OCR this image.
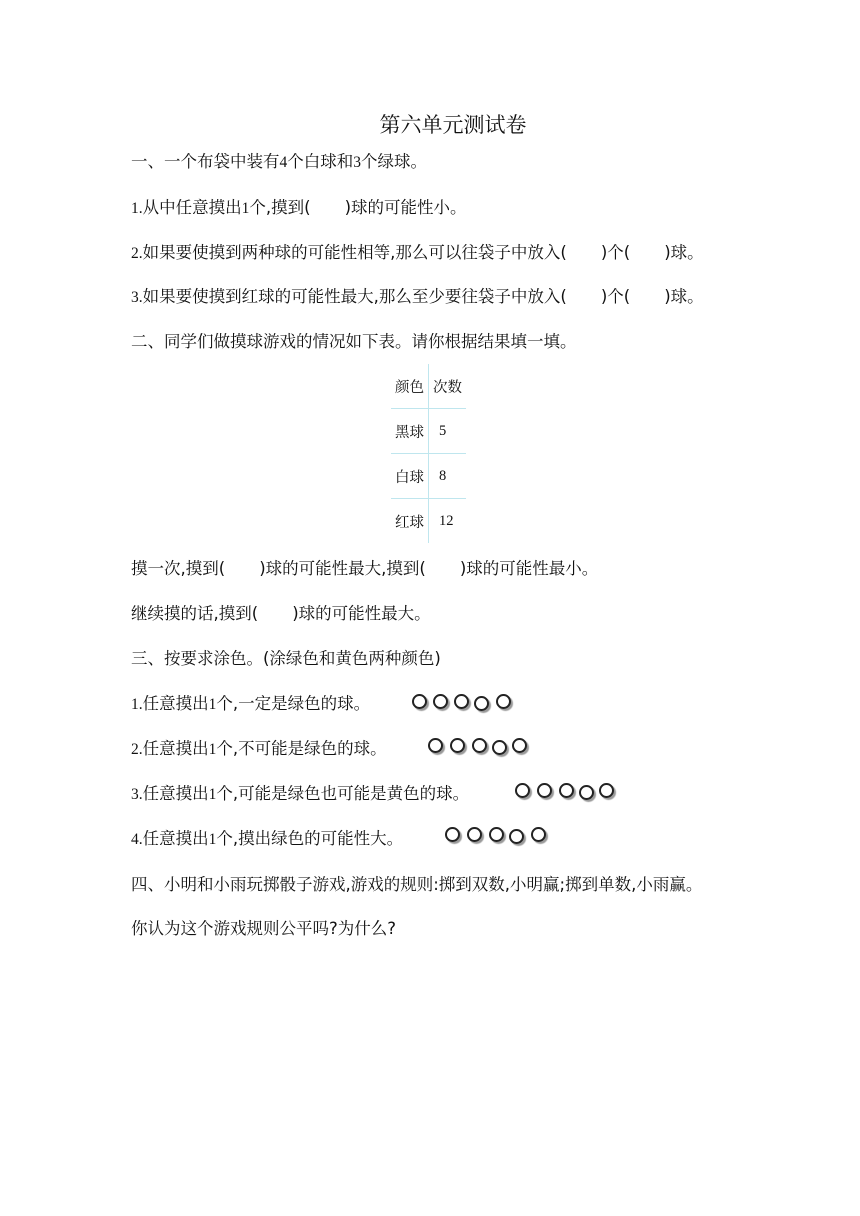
第六单元测试卷
一、一个布袋中装有4个白球和3个绿球。
1.从中任意摸出1个,摸到( )球的可能性小。
2.如果要使摸到两种球的可能性相等,那么可以往袋子中放入( )个( )球。
3.如果要使摸到红球的可能性最大,那么至少要往袋子中放入( )个( )球。
二、同学们做摸球游戏的情况如下表。请你根据结果填一填。
颜色	次数
黑球	5
白球	8
红球	12
摸一次,摸到( )球的可能性最大,摸到( )球的可能性最小。
继续摸的话,摸到( )球的可能性最大。
三、按要求涂色。(涂绿色和黄色两种颜色)
1.任意摸出1个,一定是绿色的球。
2.任意摸出1个,不可能是绿色的球。
3.任意摸出1个,可能是绿色也可能是黄色的球。
4.任意摸出1个,摸出绿色的可能性大。
四、小明和小雨玩掷骰子游戏,游戏的规则:掷到双数,小明赢;掷到单数,小雨赢。
你认为这个游戏规则公平吗?为什么?
